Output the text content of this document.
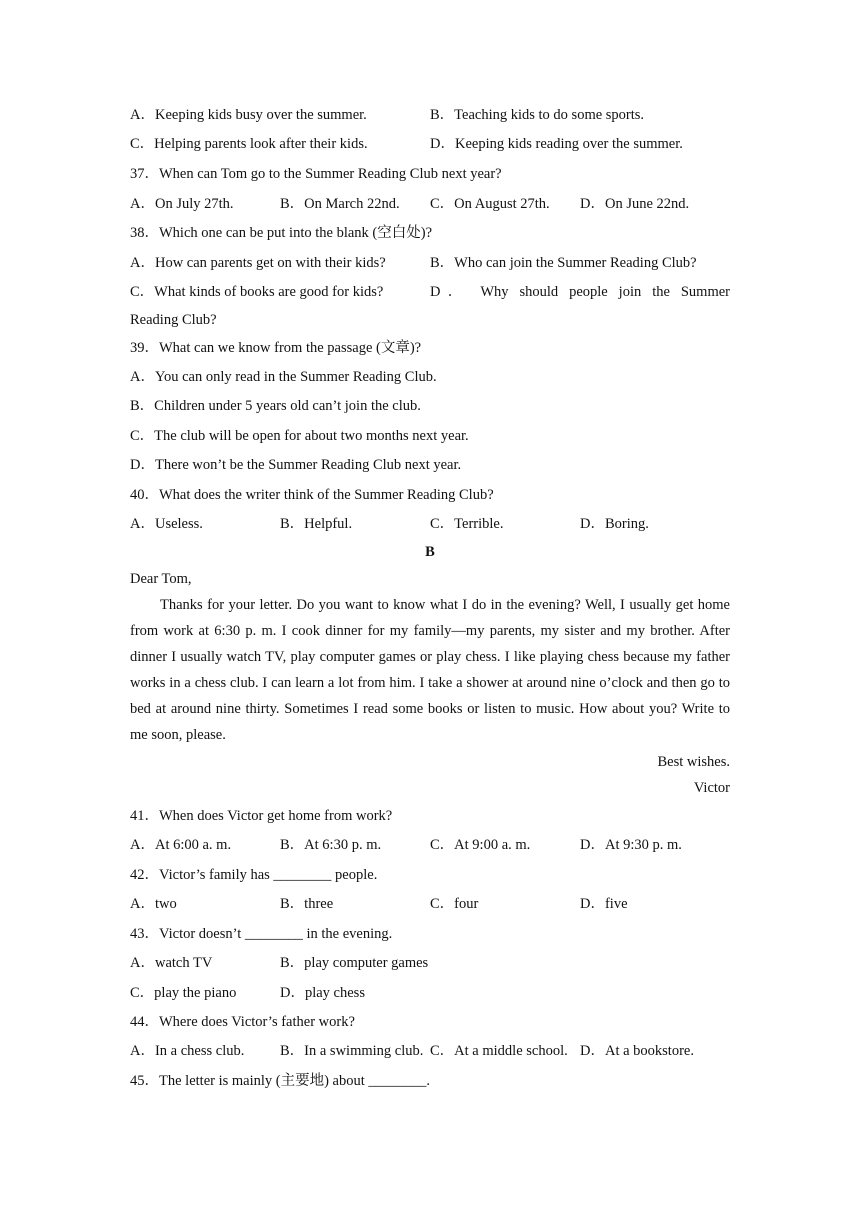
A．Keeping kids busy over the summer.	B．Teaching kids to do some sports.
C．Helping parents look after their kids.	D．Keeping kids reading over the summer.
37．When can Tom go to the Summer Reading Club next year?
A．On July 27th.	B．On March 22nd. C．On August 27th. D．On June 22nd.
38．Which one can be put into the blank (空白处)?
A．How can parents get on with their kids?	B．Who can join the Summer Reading Club?
C．What kinds of books are good for kids?	D． Why should people join the Summer
Reading Club?
39．What can we know from the passage (文章)?
A．You can only read in the Summer Reading Club.
B．Children under 5 years old can’t join the club.
C．The club will be open for about two months next year.
D．There won’t be the Summer Reading Club next year.
40．What does the writer think of the Summer Reading Club?
A．Useless.	B．Helpful.	C．Terrible.	D．Boring.
B
Dear Tom,
Thanks for your letter. Do you want to know what I do in the evening? Well, I usually get home from work at 6:30 p. m. I cook dinner for my family—my parents, my sister and my brother. After dinner I usually watch TV, play computer games or play chess. I like playing chess because my father works in a chess club. I can learn a lot from him. I take a shower at around nine o’clock and then go to bed at around nine thirty. Sometimes I read some books or listen to music. How about you? Write to me soon, please.
Best wishes.
Victor
41．When does Victor get home from work?
A．At 6:00 a. m.	B．At 6:30 p. m.	C．At 9:00 a. m.	D．At 9:30 p. m.
42．Victor’s family has ________ people.
A．two	B．three	C．four	D．five
43．Victor doesn’t ________ in the evening.
A．watch TV	B．play computer games
C．play the piano	D．play chess
44．Where does Victor’s father work?
A．In a chess club. B．In a swimming club. C．At a middle school. D．At a bookstore.
45．The letter is mainly (主要地) about ________.
